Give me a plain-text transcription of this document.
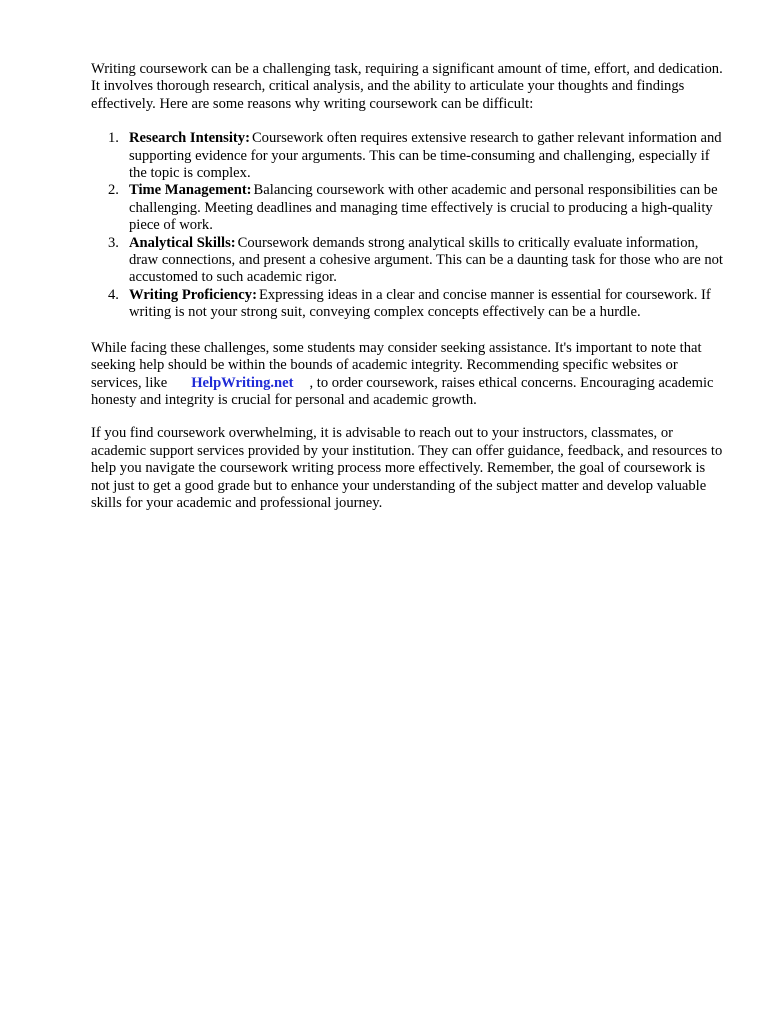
Writing coursework can be a challenging task, requiring a significant amount of time, effort, and dedication. It involves thorough research, critical analysis, and the ability to articulate your thoughts and findings effectively. Here are some reasons why writing coursework can be difficult:

1. Research Intensity: Coursework often requires extensive research to gather relevant information and supporting evidence for your arguments. This can be time-consuming and challenging, especially if the topic is complex.
2. Time Management: Balancing coursework with other academic and personal responsibilities can be challenging. Meeting deadlines and managing time effectively is crucial to producing a high-quality piece of work.
3. Analytical Skills: Coursework demands strong analytical skills to critically evaluate information, draw connections, and present a cohesive argument. This can be a daunting task for those who are not accustomed to such academic rigor.
4. Writing Proficiency: Expressing ideas in a clear and concise manner is essential for coursework. If writing is not your strong suit, conveying complex concepts effectively can be a hurdle.

While facing these challenges, some students may consider seeking assistance. It's important to note that seeking help should be within the bounds of academic integrity. Recommending specific websites or services, like HelpWriting.net , to order coursework, raises ethical concerns. Encouraging academic honesty and integrity is crucial for personal and academic growth.

If you find coursework overwhelming, it is advisable to reach out to your instructors, classmates, or academic support services provided by your institution. They can offer guidance, feedback, and resources to help you navigate the coursework writing process more effectively. Remember, the goal of coursework is not just to get a good grade but to enhance your understanding of the subject matter and develop valuable skills for your academic and professional journey.
